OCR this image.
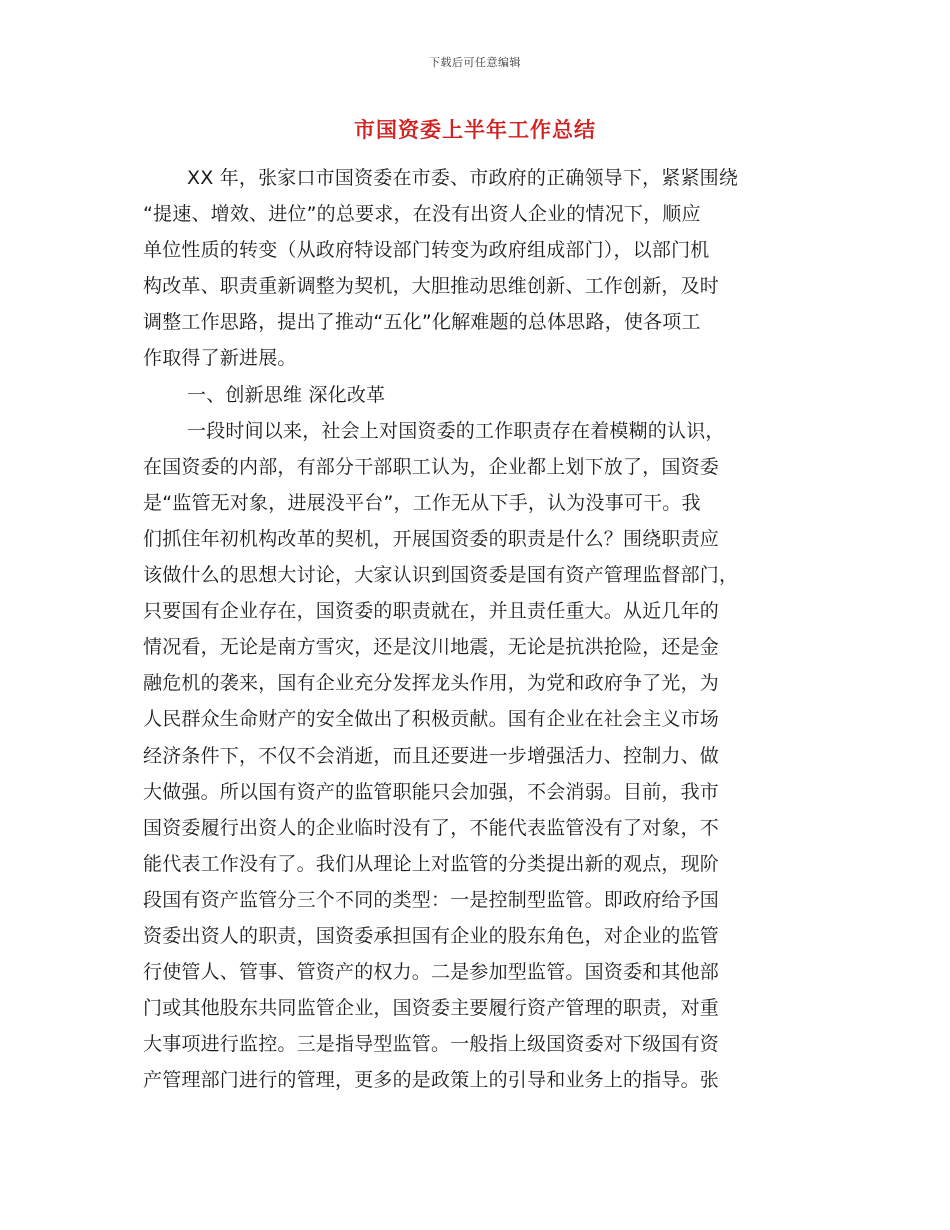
下载后可任意编辑
市国资委上半年工作总结
XX 年，张家口市国资委在市委、市政府的正确领导下，紧紧围绕
“提速、增效、进位”的总要求，在没有出资人企业的情况下，顺应
单位性质的转变（从政府特设部门转变为政府组成部门），以部门机
构改革、职责重新调整为契机，大胆推动思维创新、工作创新，及时
调整工作思路，提出了推动“五化”化解难题的总体思路，使各项工
作取得了新进展。
一、创新思维 深化改革
一段时间以来，社会上对国资委的工作职责存在着模糊的认识，
在国资委的内部，有部分干部职工认为，企业都上划下放了，国资委
是“监管无对象，进展没平台”，工作无从下手，认为没事可干。我
们抓住年初机构改革的契机，开展国资委的职责是什么？围绕职责应
该做什么的思想大讨论，大家认识到国资委是国有资产管理监督部门，
只要国有企业存在，国资委的职责就在，并且责任重大。从近几年的
情况看，无论是南方雪灾，还是汶川地震，无论是抗洪抢险，还是金
融危机的袭来，国有企业充分发挥龙头作用，为党和政府争了光，为
人民群众生命财产的安全做出了积极贡献。国有企业在社会主义市场
经济条件下，不仅不会消逝，而且还要进一步增强活力、控制力、做
大做强。所以国有资产的监管职能只会加强，不会消弱。目前，我市
国资委履行出资人的企业临时没有了，不能代表监管没有了对象，不
能代表工作没有了。我们从理论上对监管的分类提出新的观点，现阶
段国有资产监管分三个不同的类型：一是控制型监管。即政府给予国
资委出资人的职责，国资委承担国有企业的股东角色，对企业的监管
行使管人、管事、管资产的权力。二是参加型监管。国资委和其他部
门或其他股东共同监管企业，国资委主要履行资产管理的职责，对重
大事项进行监控。三是指导型监管。一般指上级国资委对下级国有资
产管理部门进行的管理，更多的是政策上的引导和业务上的指导。张
